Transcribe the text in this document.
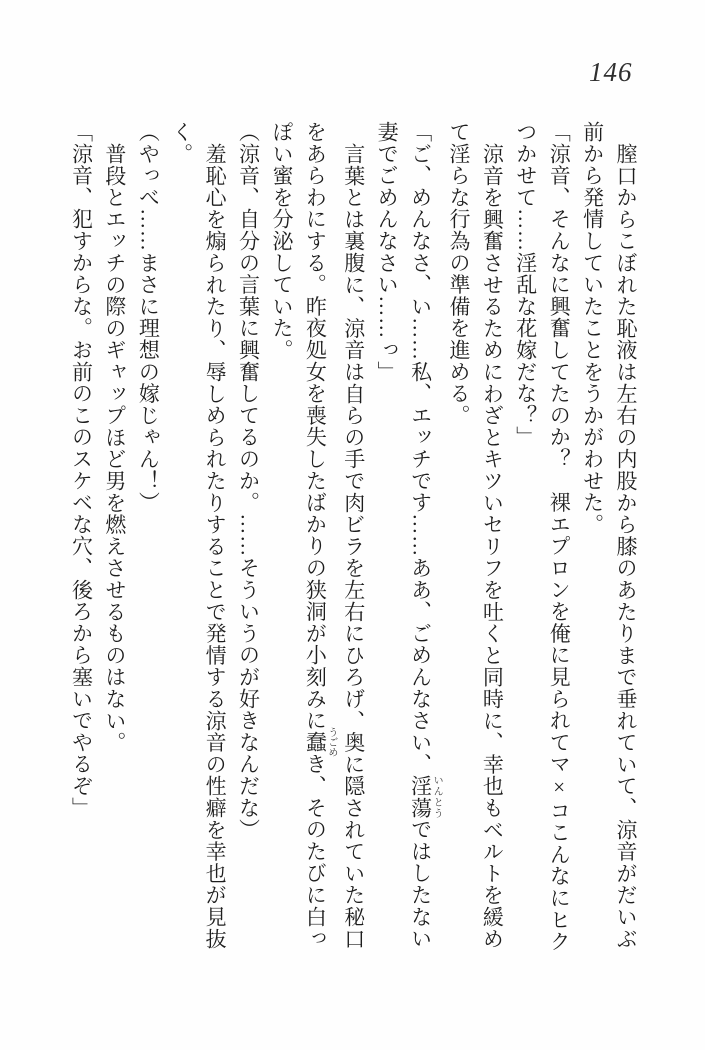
146
膣口からこぼれた恥液は左右の内股から膝のあたりまで垂れていて、涼音がだいぶ
前から発情していたことをうかがわせた。
「涼音、そんなに興奮してたのか？　裸エプロンを俺に見られてマ×コこんなにヒク
つかせて……淫乱な花嫁だな？」
涼音を興奮させるためにわざとキツいセリフを吐くと同時に、幸也もベルトを緩め
て淫らな行為の準備を進める。
「ご、めんなさ、い……私、エッチです……ああ、ごめんなさい、淫蕩いんとうではしたない
妻でごめんなさい……っ」
言葉とは裏腹に、涼音は自らの手で肉ビラを左右にひろげ、奥に隠されていた秘口
をあらわにする。昨夜処女を喪失したばかりの狭洞が小刻みに蠢うごめき、そのたびに白っ
ぽい蜜を分泌していた。
（涼音、自分の言葉に興奮してるのか。……そういうのが好きなんだな）
羞恥心を煽られたり、辱しめられたりすることで発情する涼音の性癖を幸也が見抜
く。
（やっべ……まさに理想の嫁じゃん！）
普段とエッチの際のギャップほど男を燃えさせるものはない。
「涼音、犯すからな。お前のこのスケベな穴、後ろから塞いでやるぞ」
